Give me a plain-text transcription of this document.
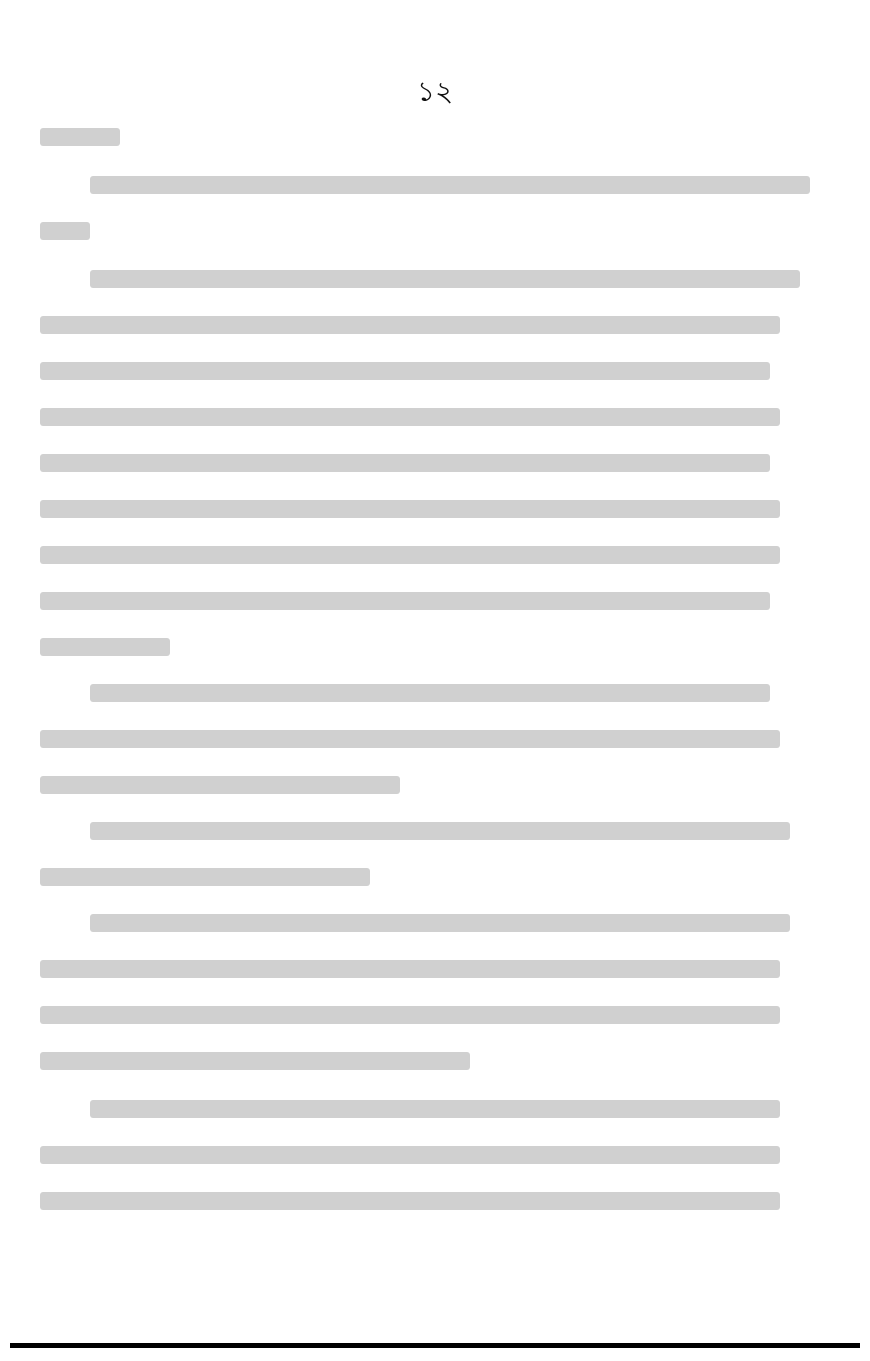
১২
